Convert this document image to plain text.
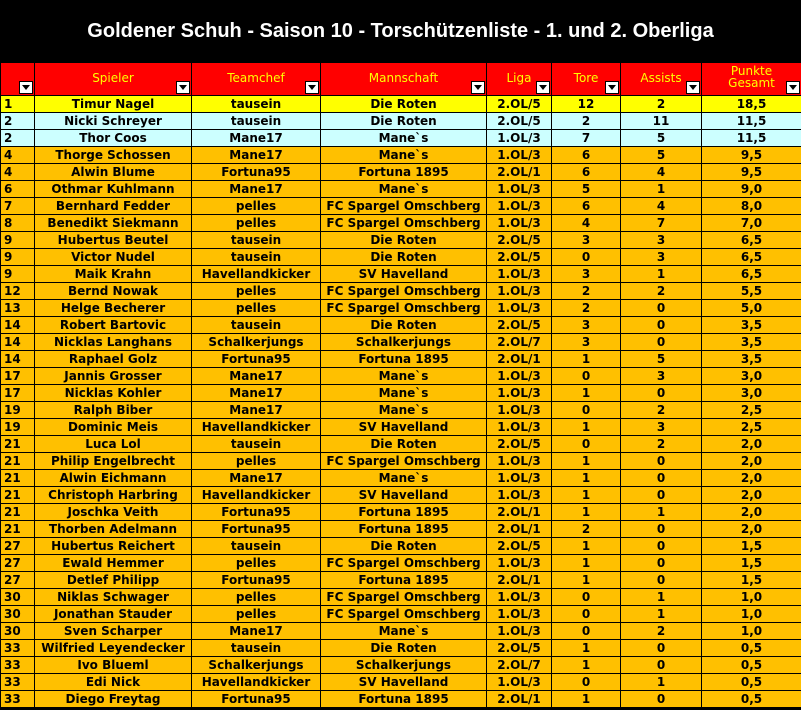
Goldener Schuh - Saison 10 - Torschützenliste - 1. und 2. Oberliga
	Spieler	Teamchef	Mannschaft	Liga	Tore	Assists	Punkte
Gesamt

1	Timur Nagel	tausein	Die Roten	2.OL/5	12	2	18,5
2	Nicki Schreyer	tausein	Die Roten	2.OL/5	2	11	11,5
2	Thor Coos	Mane17	Mane`s	1.OL/3	7	5	11,5
4	Thorge Schossen	Mane17	Mane`s	1.OL/3	6	5	9,5
4	Alwin Blume	Fortuna95	Fortuna 1895	2.OL/1	6	4	9,5
6	Othmar Kuhlmann	Mane17	Mane`s	1.OL/3	5	1	9,0
7	Bernhard Fedder	pelles	FC Spargel Omschberg	1.OL/3	6	4	8,0
8	Benedikt Siekmann	pelles	FC Spargel Omschberg	1.OL/3	4	7	7,0
9	Hubertus Beutel	tausein	Die Roten	2.OL/5	3	3	6,5
9	Victor Nudel	tausein	Die Roten	2.OL/5	0	3	6,5
9	Maik Krahn	Havellandkicker	SV Havelland	1.OL/3	3	1	6,5
12	Bernd Nowak	pelles	FC Spargel Omschberg	1.OL/3	2	2	5,5
13	Helge Becherer	pelles	FC Spargel Omschberg	1.OL/3	2	0	5,0
14	Robert Bartovic	tausein	Die Roten	2.OL/5	3	0	3,5
14	Nicklas Langhans	Schalkerjungs	Schalkerjungs	2.OL/7	3	0	3,5
14	Raphael Golz	Fortuna95	Fortuna 1895	2.OL/1	1	5	3,5
17	Jannis Grosser	Mane17	Mane`s	1.OL/3	0	3	3,0
17	Nicklas Kohler	Mane17	Mane`s	1.OL/3	1	0	3,0
19	Ralph Biber	Mane17	Mane`s	1.OL/3	0	2	2,5
19	Dominic Meis	Havellandkicker	SV Havelland	1.OL/3	1	3	2,5
21	Luca Lol	tausein	Die Roten	2.OL/5	0	2	2,0
21	Philip Engelbrecht	pelles	FC Spargel Omschberg	1.OL/3	1	0	2,0
21	Alwin Eichmann	Mane17	Mane`s	1.OL/3	1	0	2,0
21	Christoph Harbring	Havellandkicker	SV Havelland	1.OL/3	1	0	2,0
21	Joschka Veith	Fortuna95	Fortuna 1895	2.OL/1	1	1	2,0
21	Thorben Adelmann	Fortuna95	Fortuna 1895	2.OL/1	2	0	2,0
27	Hubertus Reichert	tausein	Die Roten	2.OL/5	1	0	1,5
27	Ewald Hemmer	pelles	FC Spargel Omschberg	1.OL/3	1	0	1,5
27	Detlef Philipp	Fortuna95	Fortuna 1895	2.OL/1	1	0	1,5
30	Niklas Schwager	pelles	FC Spargel Omschberg	1.OL/3	0	1	1,0
30	Jonathan Stauder	pelles	FC Spargel Omschberg	1.OL/3	0	1	1,0
30	Sven Scharper	Mane17	Mane`s	1.OL/3	0	2	1,0
33	Wilfried Leyendecker	tausein	Die Roten	2.OL/5	1	0	0,5
33	Ivo Blueml	Schalkerjungs	Schalkerjungs	2.OL/7	1	0	0,5
33	Edi Nick	Havellandkicker	SV Havelland	1.OL/3	0	1	0,5
33	Diego Freytag	Fortuna95	Fortuna 1895	2.OL/1	1	0	0,5
